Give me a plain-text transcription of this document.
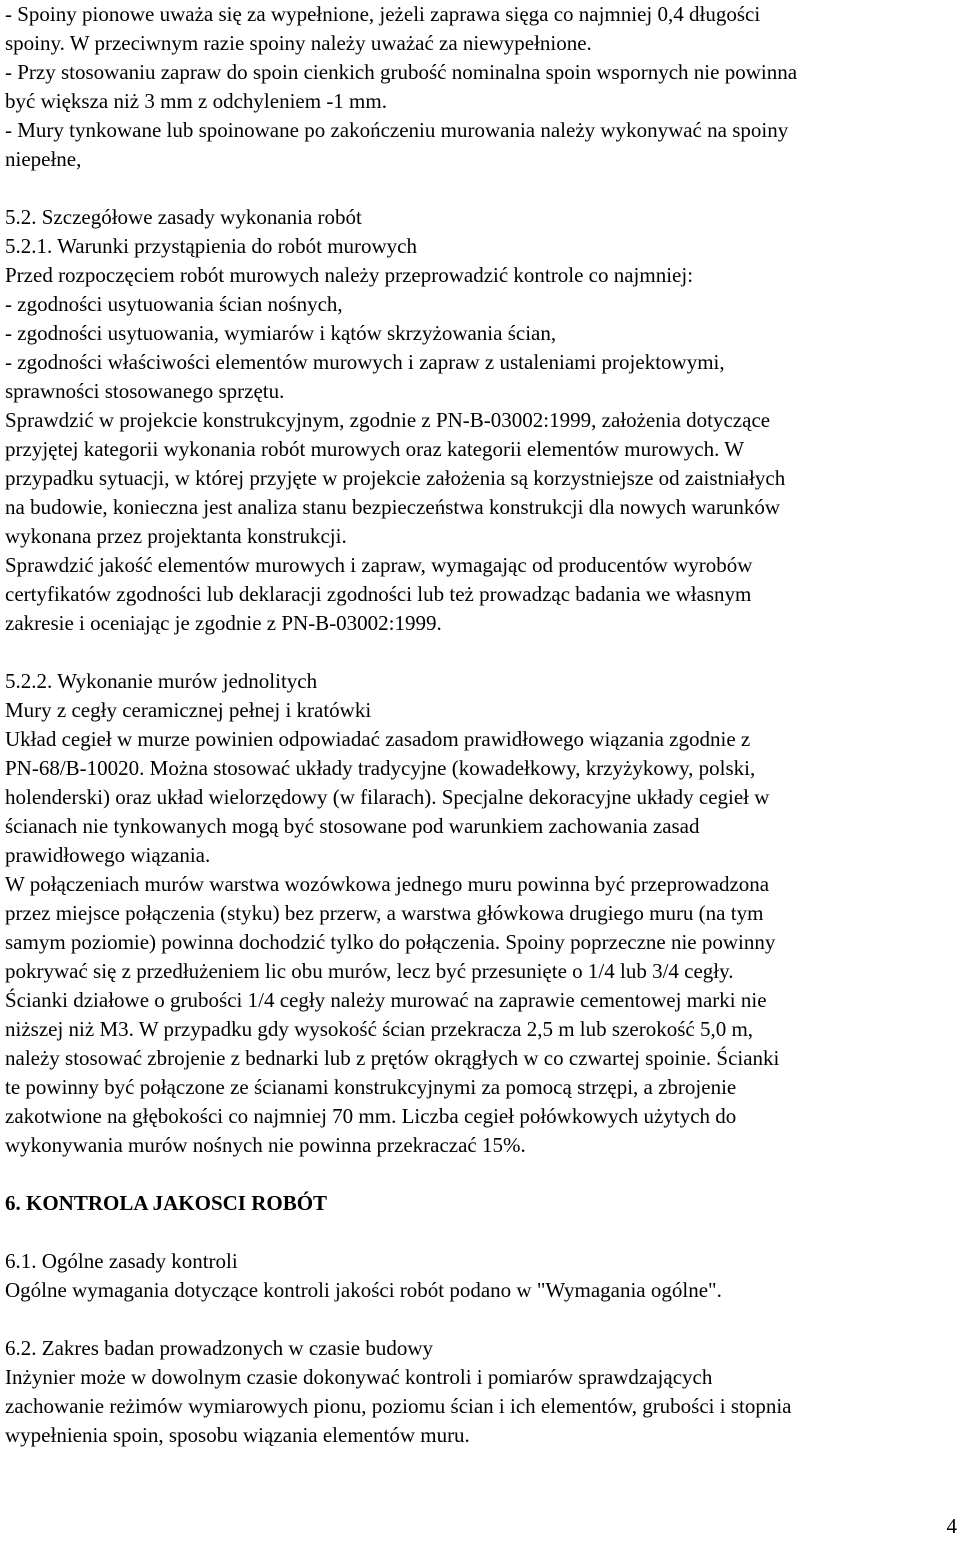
- Spoiny pionowe uważa się za wypełnione, jeżeli zaprawa sięga co najmniej 0,4 długości
spoiny. W przeciwnym razie spoiny należy uważać za niewypełnione.
- Przy stosowaniu zapraw do spoin cienkich grubość nominalna spoin wspornych nie powinna
być większa niż 3 mm z odchyleniem -1 mm.
- Mury tynkowane lub spoinowane po zakończeniu murowania należy wykonywać na spoiny
niepełne,
5.2. Szczegółowe zasady wykonania robót
5.2.1. Warunki przystąpienia do robót murowych
Przed rozpoczęciem robót murowych należy przeprowadzić kontrole co najmniej:
- zgodności usytuowania ścian nośnych,
- zgodności usytuowania, wymiarów i kątów skrzyżowania ścian,
- zgodności właściwości elementów murowych i zapraw z ustaleniami projektowymi,
sprawności stosowanego sprzętu.
Sprawdzić w projekcie konstrukcyjnym, zgodnie z PN-B-03002:1999, założenia dotyczące
przyjętej kategorii wykonania robót murowych oraz kategorii elementów murowych. W
przypadku sytuacji, w której przyjęte w projekcie założenia są korzystniejsze od zaistniałych
na budowie, konieczna jest analiza stanu bezpieczeństwa konstrukcji dla nowych warunków
wykonana przez projektanta konstrukcji.
Sprawdzić jakość elementów murowych i zapraw, wymagając od producentów wyrobów
certyfikatów zgodności lub deklaracji zgodności lub też prowadząc badania we własnym
zakresie i oceniając je zgodnie z PN-B-03002:1999.
5.2.2. Wykonanie murów jednolitych
Mury z cegły ceramicznej pełnej i kratówki
Układ cegieł w murze powinien odpowiadać zasadom prawidłowego wiązania zgodnie z
PN-68/B-10020. Można stosować układy tradycyjne (kowadełkowy, krzyżykowy, polski,
holenderski) oraz układ wielorzędowy (w filarach). Specjalne dekoracyjne układy cegieł w
ścianach nie tynkowanych mogą być stosowane pod warunkiem zachowania zasad
prawidłowego wiązania.
W połączeniach murów warstwa wozówkowa jednego muru powinna być przeprowadzona
przez miejsce połączenia (styku) bez przerw, a warstwa główkowa drugiego muru (na tym
samym poziomie) powinna dochodzić tylko do połączenia. Spoiny poprzeczne nie powinny
pokrywać się z przedłużeniem lic obu murów, lecz być przesunięte o 1/4 lub 3/4 cegły.
Ścianki działowe o grubości 1/4 cegły należy murować na zaprawie cementowej marki nie
niższej niż M3. W przypadku gdy wysokość ścian przekracza 2,5 m lub szerokość 5,0 m,
należy stosować zbrojenie z bednarki lub z prętów okrągłych w co czwartej spoinie. Ścianki
te powinny być połączone ze ścianami konstrukcyjnymi za pomocą strzępi, a zbrojenie
zakotwione na głębokości co najmniej 70 mm. Liczba cegieł połówkowych użytych do
wykonywania murów nośnych nie powinna przekraczać 15%.
6. KONTROLA JAKOSCI ROBÓT
6.1. Ogólne zasady kontroli
Ogólne wymagania dotyczące kontroli jakości robót podano w "Wymagania ogólne".
6.2. Zakres badan prowadzonych w czasie budowy
Inżynier może w dowolnym czasie dokonywać kontroli i pomiarów sprawdzających
zachowanie reżimów wymiarowych pionu, poziomu ścian i ich elementów, grubości i stopnia
wypełnienia spoin, sposobu wiązania elementów muru.
4
